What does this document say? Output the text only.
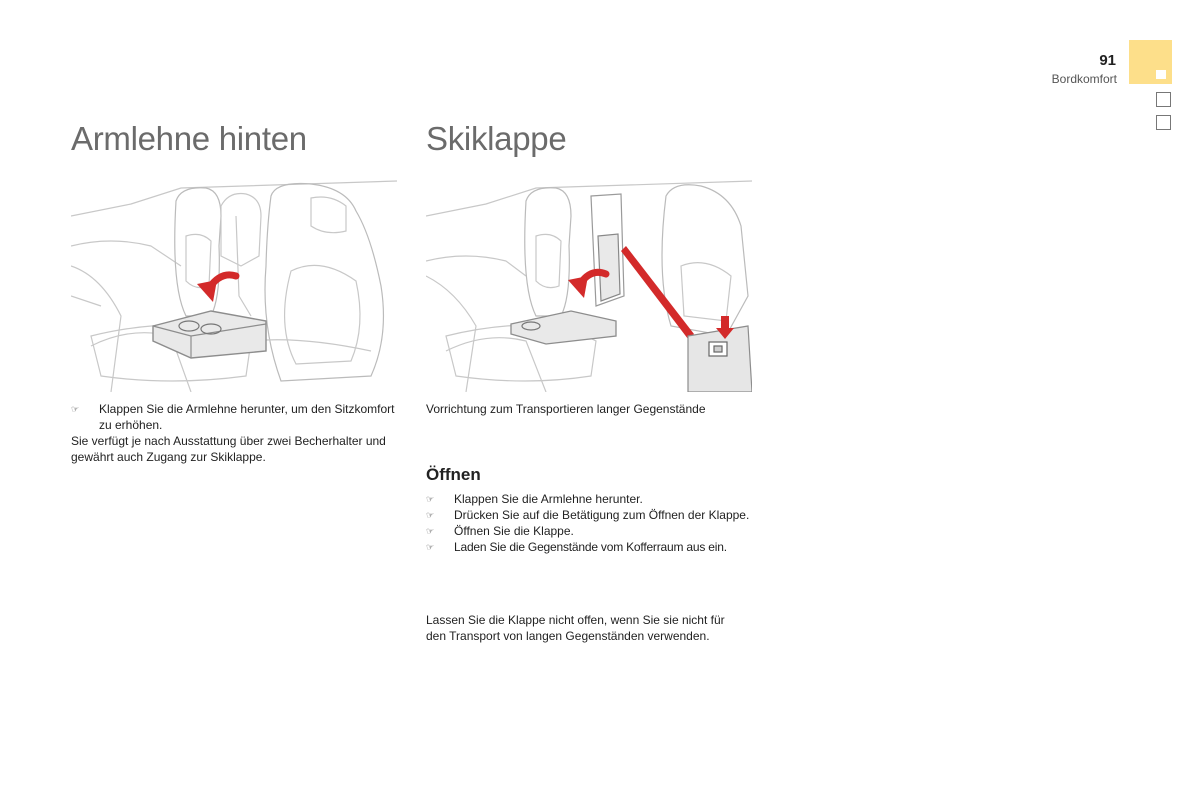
91
Bordkomfort
Armlehne hinten	Skiklappe
☞ Klappen Sie die Armlehne herunter, um den Sitzkomfort zu erhöhen.

Sie verfügt je nach Ausstattung über zwei Becherhalter und gewährt auch Zugang zur Skiklappe.

Vorrichtung zum Transportieren langer Gegenstände

Öffnen
☞ Klappen Sie die Armlehne herunter.
☞ Drücken Sie auf die Betätigung zum Öffnen der Klappe.
☞ Öffnen Sie die Klappe.
☞ Laden Sie die Gegenstände vom Kofferraum aus ein.

Lassen Sie die Klappe nicht offen, wenn Sie sie nicht für den Transport von langen Gegenständen verwenden.
